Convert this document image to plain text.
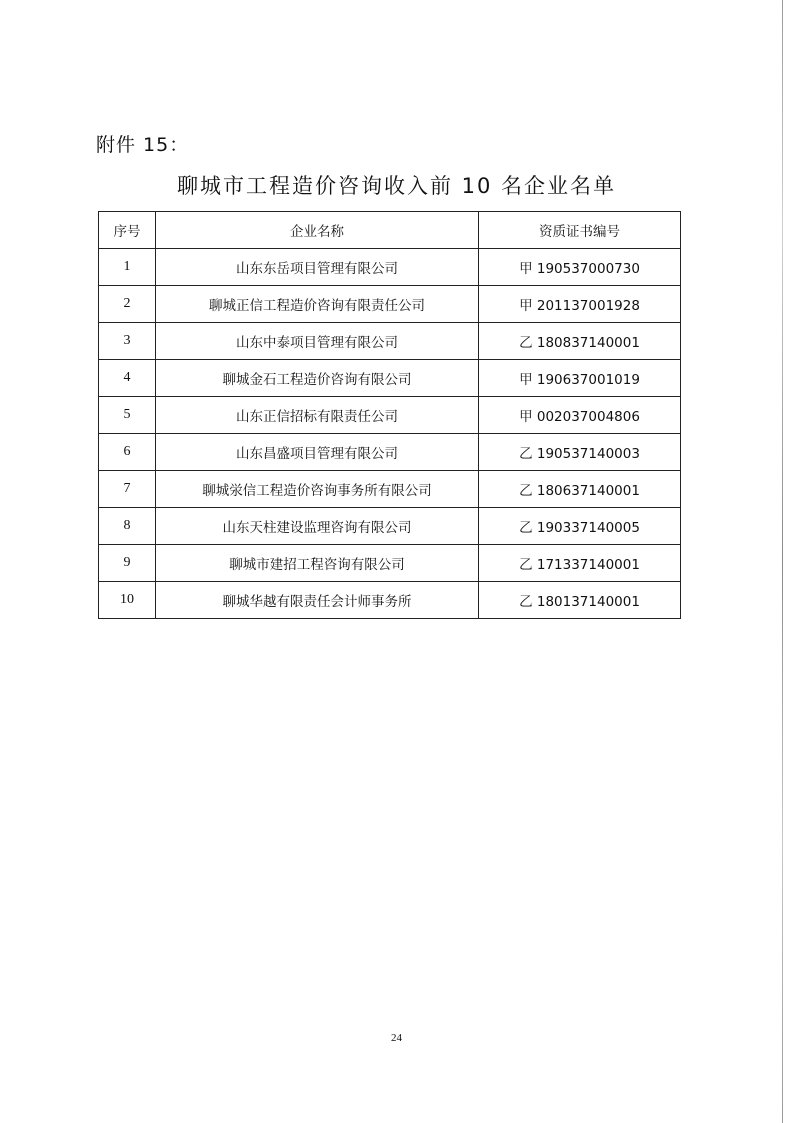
附件 15：
聊城市工程造价咨询收入前 10 名企业名单
序号	企业名称	资质证书编号
1	山东东岳项目管理有限公司	甲 190537000730
2	聊城正信工程造价咨询有限责任公司	甲 201137001928
3	山东中泰项目管理有限公司	乙 180837140001
4	聊城金石工程造价咨询有限公司	甲 190637001019
5	山东正信招标有限责任公司	甲 002037004806
6	山东昌盛项目管理有限公司	乙 190537140003
7	聊城泶信工程造价咨询事务所有限公司	乙 180637140001
8	山东天柱建设监理咨询有限公司	乙 190337140005
9	聊城市建招工程咨询有限公司	乙 171337140001
10	聊城华越有限责任会计师事务所	乙 180137140001
24
